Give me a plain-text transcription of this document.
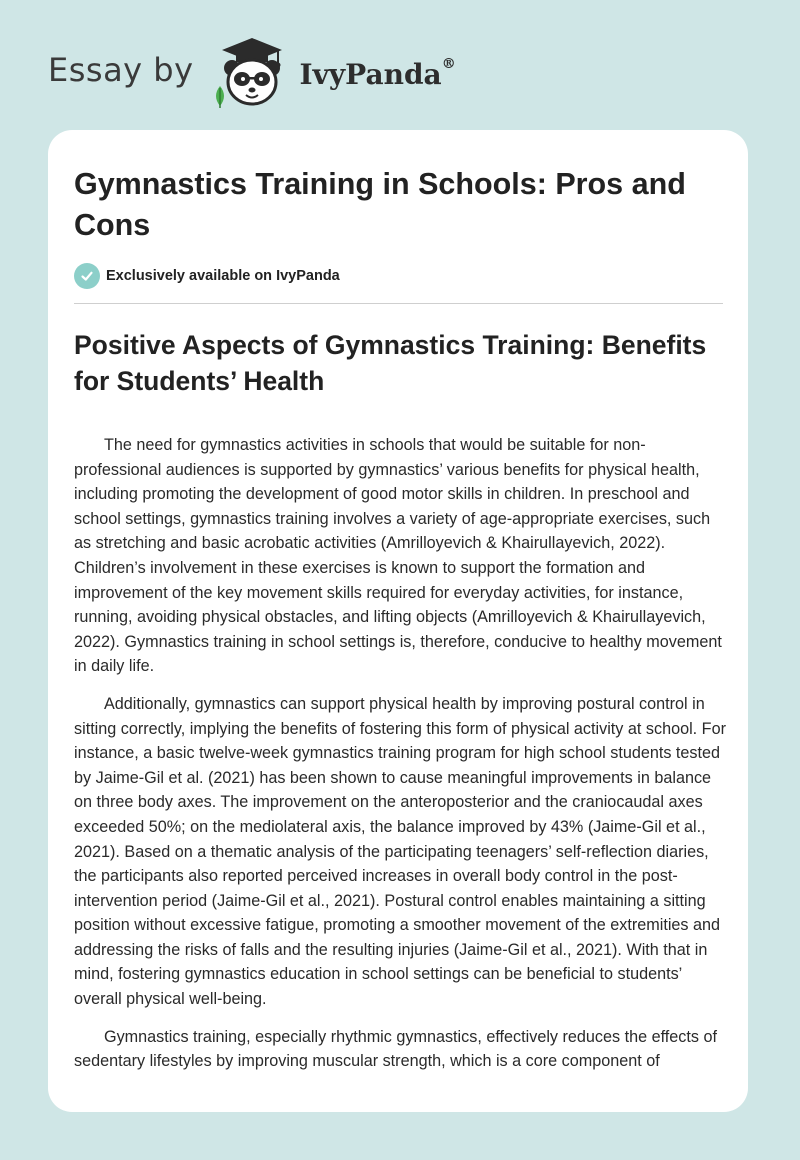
Essay by	IvyPanda®
Gymnastics Training in Schools: Pros and Cons
Exclusively available on IvyPanda
Positive Aspects of Gymnastics Training: Benefits for Students’ Health

The need for gymnastics activities in schools that would be suitable for non-professional audiences is supported by gymnastics’ various benefits for physical health, including promoting the development of good motor skills in children. In preschool and school settings, gymnastics training involves a variety of age-appropriate exercises, such as stretching and basic acrobatic activities (Amrilloyevich & Khairullayevich, 2022). Children’s involvement in these exercises is known to support the formation and improvement of the key movement skills required for everyday activities, for instance, running, avoiding physical obstacles, and lifting objects (Amrilloyevich & Khairullayevich, 2022). Gymnastics training in school settings is, therefore, conducive to healthy movement in daily life.

Additionally, gymnastics can support physical health by improving postural control in sitting correctly, implying the benefits of fostering this form of physical activity at school. For instance, a basic twelve-week gymnastics training program for high school students tested by Jaime-Gil et al. (2021) has been shown to cause meaningful improvements in balance on three body axes. The improvement on the anteroposterior and the craniocaudal axes exceeded 50%; on the mediolateral axis, the balance improved by 43% (Jaime-Gil et al., 2021). Based on a thematic analysis of the participating teenagers’ self-reflection diaries, the participants also reported perceived increases in overall body control in the post-intervention period (Jaime-Gil et al., 2021). Postural control enables maintaining a sitting position without excessive fatigue, promoting a smoother movement of the extremities and addressing the risks of falls and the resulting injuries (Jaime-Gil et al., 2021). With that in mind, fostering gymnastics education in school settings can be beneficial to students’ overall physical well-being.

Gymnastics training, especially rhythmic gymnastics, effectively reduces the effects of sedentary lifestyles by improving muscular strength, which is a core component of
